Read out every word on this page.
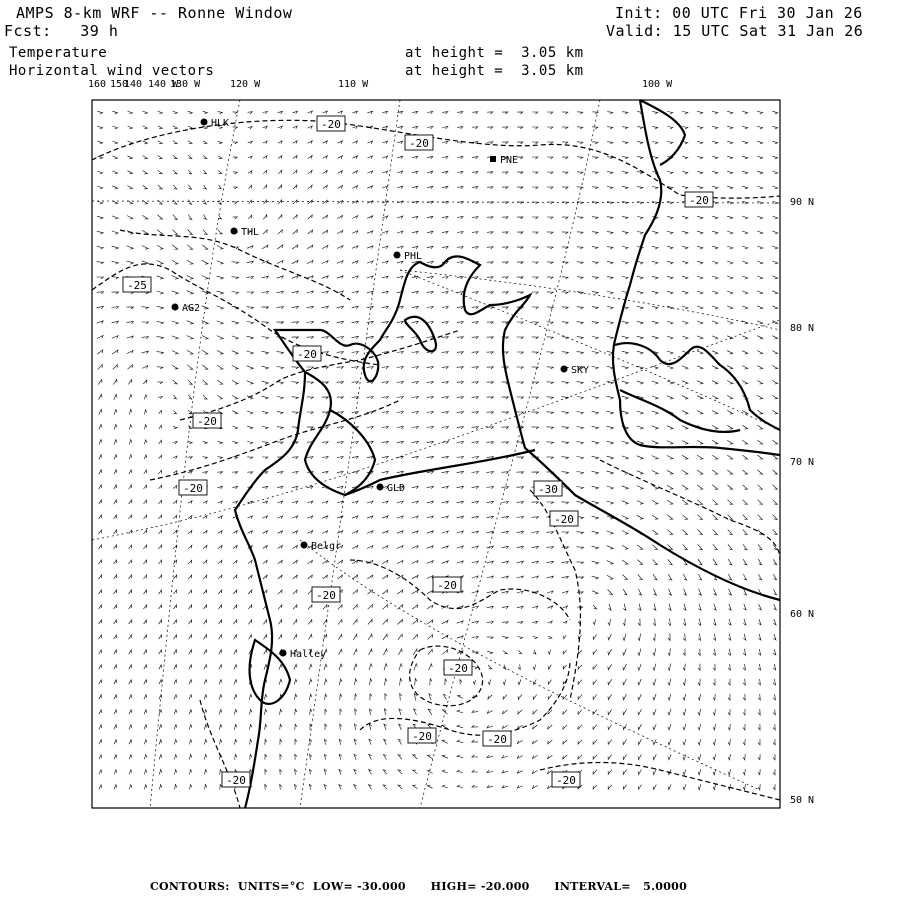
AMPS 8-km WRF -- Ronne Window
Fcst:   39 h
Temperature
Horizontal wind vectors
at height =  3.05 km
at height =  3.05 km
Init: 00 UTC Fri 30 Jan 26
Valid: 15 UTC Sat 31 Jan 26
160 150
140 140 W
130 W	120 W	110 W	100 W
90 N
80 N
70 N
60 N
50 N
HLK
PNE
THL
PHL
AG2
SKY
GLD
Belgr
Halley
-20
-20
-20
-25
-20
-20
-20	-30
-20
-20
-20
-20
-20	-20
-20
-20
CONTOURS:  UNITS=°C  LOW= -30.000      HIGH= -20.000      INTERVAL=   5.0000
